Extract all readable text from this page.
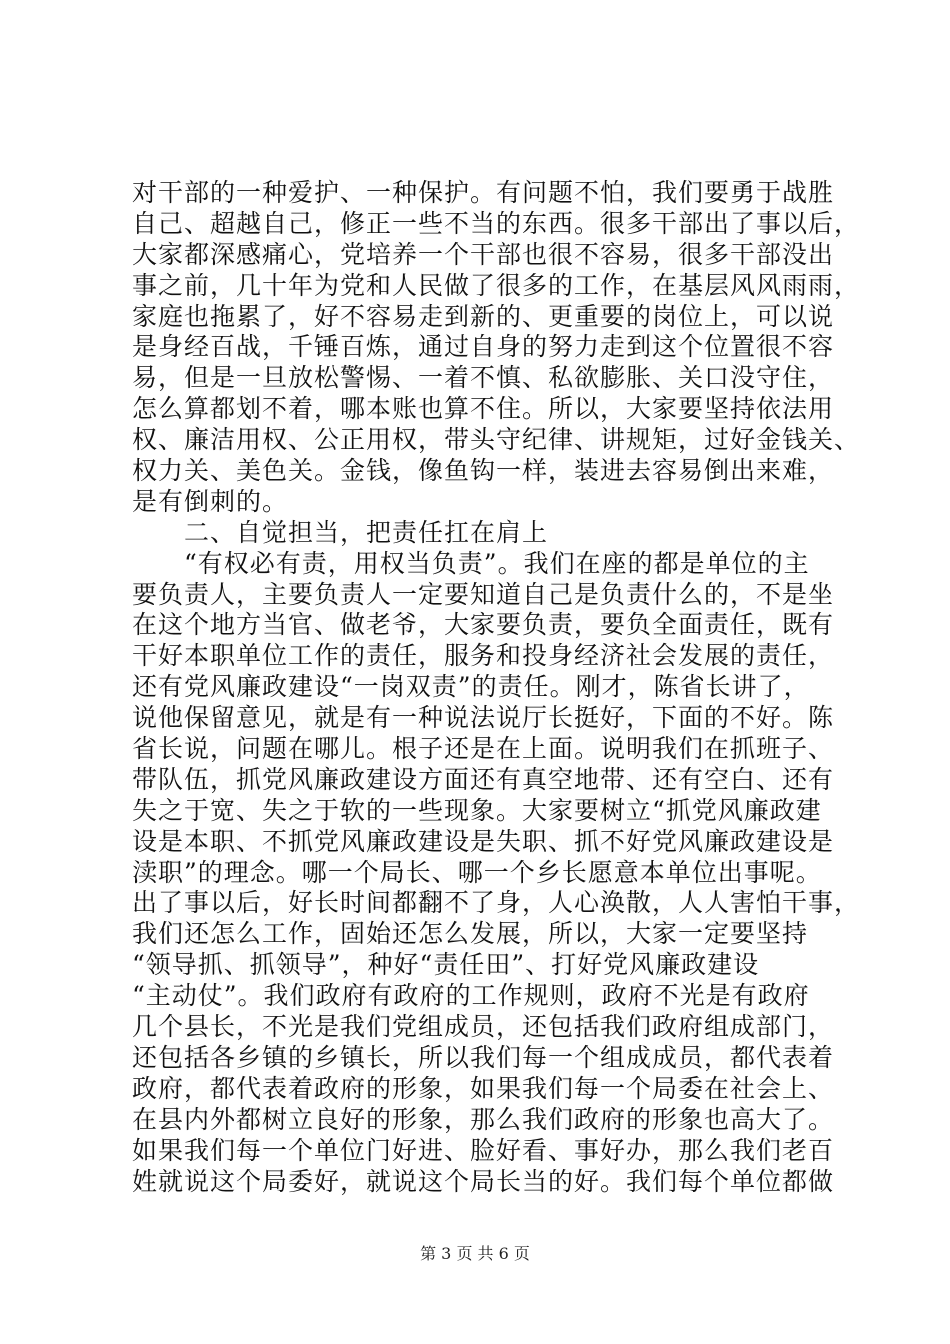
对干部的一种爱护、一种保护。有问题不怕，我们要勇于战胜
自己、超越自己，修正一些不当的东西。很多干部出了事以后，
大家都深感痛心，党培养一个干部也很不容易，很多干部没出
事之前，几十年为党和人民做了很多的工作，在基层风风雨雨，
家庭也拖累了，好不容易走到新的、更重要的岗位上，可以说
是身经百战，千锤百炼，通过自身的努力走到这个位置很不容
易，但是一旦放松警惕、一着不慎、私欲膨胀、关口没守住，
怎么算都划不着，哪本账也算不住。所以，大家要坚持依法用
权、廉洁用权、公正用权，带头守纪律、讲规矩，过好金钱关、
权力关、美色关。金钱，像鱼钩一样，装进去容易倒出来难，
是有倒刺的。
　　二、自觉担当，把责任扛在肩上
　　“有权必有责，用权当负责”。我们在座的都是单位的主
要负责人，主要负责人一定要知道自己是负责什么的，不是坐
在这个地方当官、做老爷，大家要负责，要负全面责任，既有
干好本职单位工作的责任，服务和投身经济社会发展的责任，
还有党风廉政建设“一岗双责”的责任。刚才，陈省长讲了，
说他保留意见，就是有一种说法说厅长挺好，下面的不好。陈
省长说，问题在哪儿。根子还是在上面。说明我们在抓班子、
带队伍，抓党风廉政建设方面还有真空地带、还有空白、还有
失之于宽、失之于软的一些现象。大家要树立“抓党风廉政建
设是本职、不抓党风廉政建设是失职、抓不好党风廉政建设是
渎职”的理念。哪一个局长、哪一个乡长愿意本单位出事呢。
出了事以后，好长时间都翻不了身，人心涣散，人人害怕干事，
我们还怎么工作，固始还怎么发展，所以，大家一定要坚持
“领导抓、抓领导”，种好“责任田”、打好党风廉政建设
“主动仗”。我们政府有政府的工作规则，政府不光是有政府
几个县长，不光是我们党组成员，还包括我们政府组成部门，
还包括各乡镇的乡镇长，所以我们每一个组成成员，都代表着
政府，都代表着政府的形象，如果我们每一个局委在社会上、
在县内外都树立良好的形象，那么我们政府的形象也高大了。
如果我们每一个单位门好进、脸好看、事好办，那么我们老百
姓就说这个局委好，就说这个局长当的好。我们每个单位都做
第 3 页 共 6 页
